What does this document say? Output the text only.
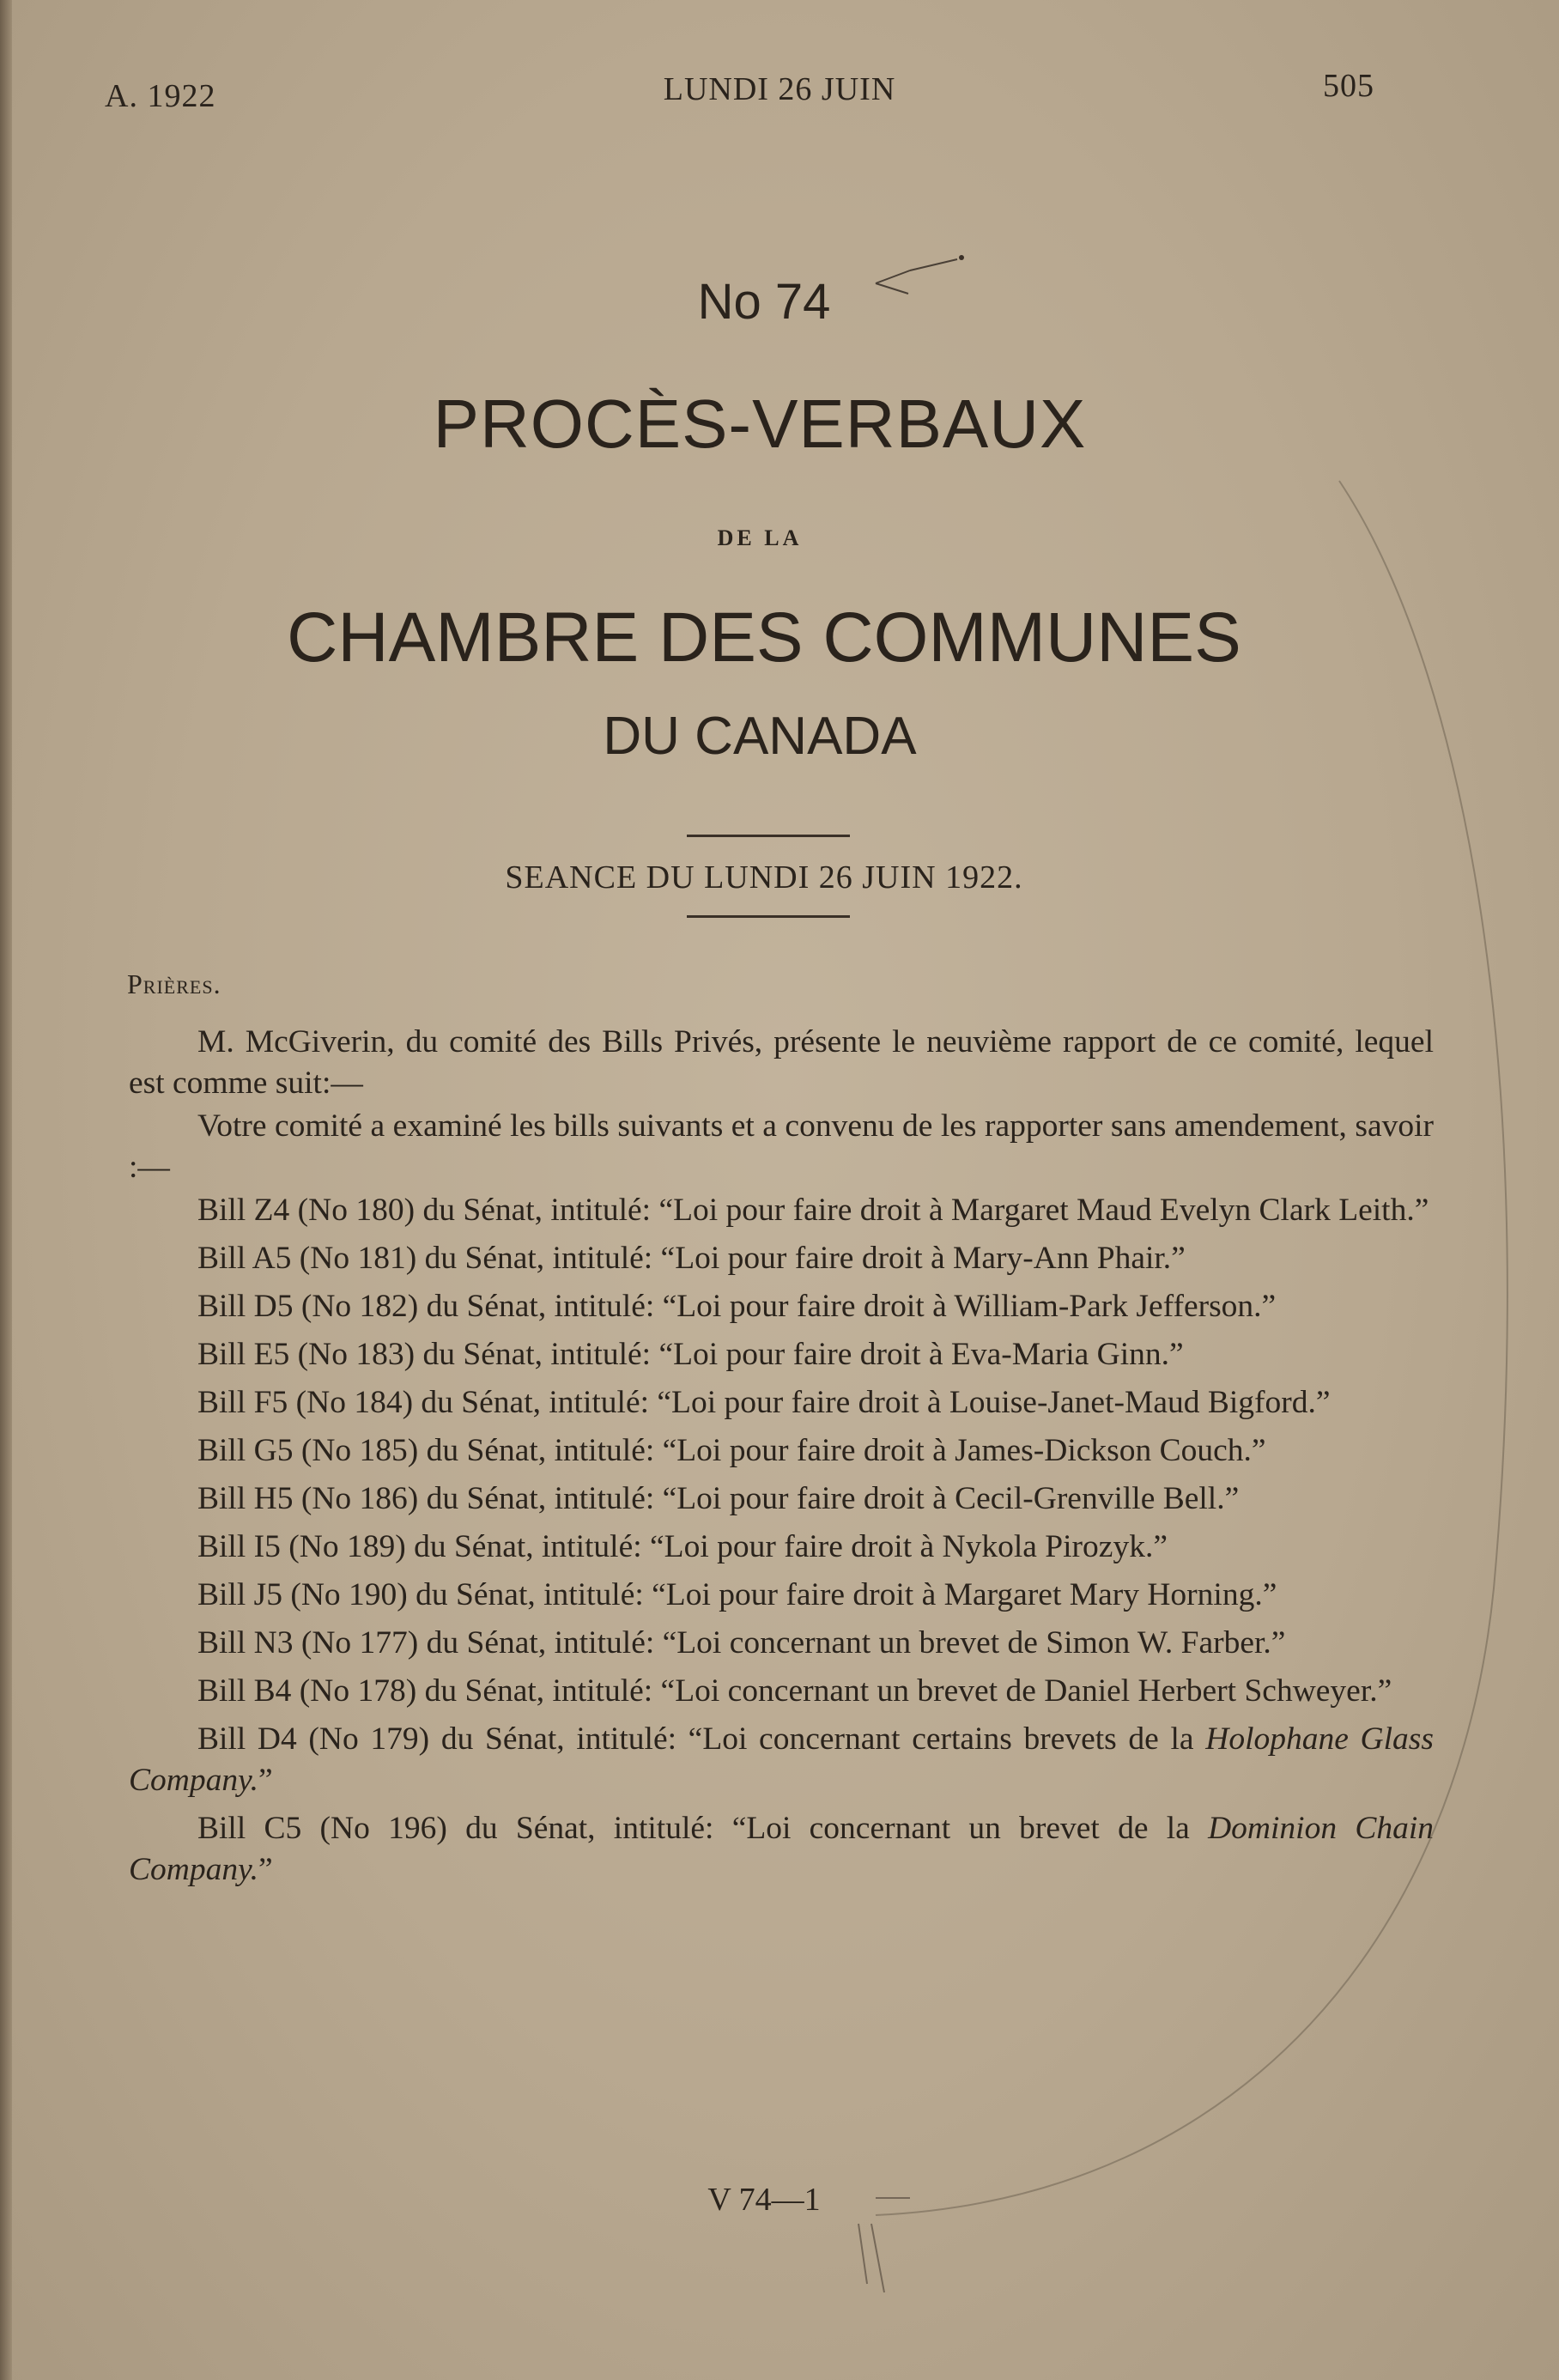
A. 1922	LUNDI 26 JUIN	505
No 74
PROCÈS-VERBAUX
DE LA
CHAMBRE DES COMMUNES
DU CANADA
SEANCE DU LUNDI 26 JUIN 1922.
Prières.

M. McGiverin, du comité des Bills Privés, présente le neuvième rapport de ce comité, lequel est comme suit:—

Votre comité a examiné les bills suivants et a convenu de les rapporter sans amendement, savoir :—

Bill Z4 (No 180) du Sénat, intitulé: “Loi pour faire droit à Margaret Maud Evelyn Clark Leith.”

Bill A5 (No 181) du Sénat, intitulé: “Loi pour faire droit à Mary-Ann Phair.”

Bill D5 (No 182) du Sénat, intitulé: “Loi pour faire droit à William-Park Jefferson.”

Bill E5 (No 183) du Sénat, intitulé: “Loi pour faire droit à Eva-Maria Ginn.”

Bill F5 (No 184) du Sénat, intitulé: “Loi pour faire droit à Louise-Janet-Maud Bigford.”

Bill G5 (No 185) du Sénat, intitulé: “Loi pour faire droit à James-Dickson Couch.”

Bill H5 (No 186) du Sénat, intitulé: “Loi pour faire droit à Cecil-Grenville Bell.”

Bill I5 (No 189) du Sénat, intitulé: “Loi pour faire droit à Nykola Pirozyk.”

Bill J5 (No 190) du Sénat, intitulé: “Loi pour faire droit à Margaret Mary Horning.”

Bill N3 (No 177) du Sénat, intitulé: “Loi concernant un brevet de Simon W. Farber.”

Bill B4 (No 178) du Sénat, intitulé: “Loi concernant un brevet de Daniel Herbert Schweyer.”

Bill D4 (No 179) du Sénat, intitulé: “Loi concernant certains brevets de la Holophane Glass Company.”

Bill C5 (No 196) du Sénat, intitulé: “Loi concernant un brevet de la Dominion Chain Company.”

V 74—1
